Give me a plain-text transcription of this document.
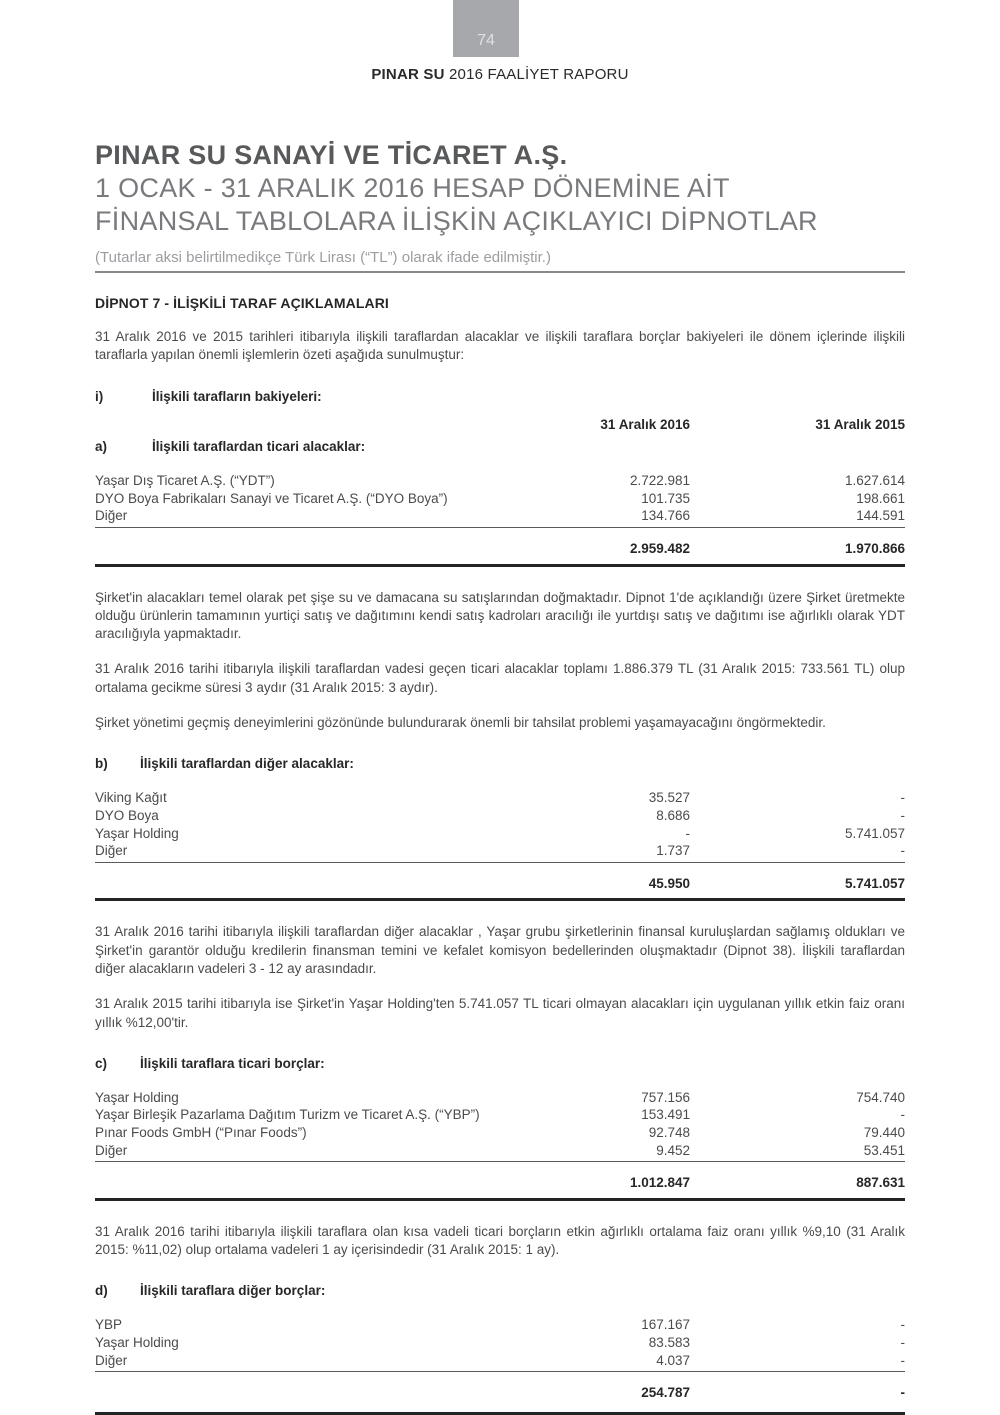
74
PINAR SU 2016 FAALİYET RAPORU
PINAR SU SANAYİ VE TİCARET A.Ş.
1 OCAK - 31 ARALIK 2016 HESAP DÖNEMİNE AİT
FİNANSAL TABLOLARA İLİŞKİN AÇIKLAYICI DİPNOTLAR
(Tutarlar aksi belirtilmedikçe Türk Lirası (“TL”) olarak ifade edilmiştir.)
DİPNOT 7 - İLİŞKİLİ TARAF AÇIKLAMALARI
31 Aralık 2016 ve 2015 tarihleri itibarıyla ilişkili taraflardan alacaklar ve ilişkili taraflara borçlar bakiyeleri ile dönem içlerinde ilişkili taraflarla yapılan önemli işlemlerin özeti aşağıda sunulmuştur:
i)	İlişkili tarafların bakiyeleri:
31 Aralık 2016	31 Aralık 2015
a)	İlişkili taraflardan ticari alacaklar:
Yaşar Dış Ticaret A.Ş. (“YDT”)	2.722.981	1.627.614
DYO Boya Fabrikaları Sanayi ve Ticaret A.Ş. (“DYO Boya”)	101.735	198.661
Diğer	134.766	144.591
2.959.482	1.970.866
Şirket'in alacakları temel olarak pet şişe su ve damacana su satışlarından doğmaktadır. Dipnot 1'de açıklandığı üzere Şirket üretmekte olduğu ürünlerin tamamının yurtiçi satış ve dağıtımını kendi satış kadroları aracılığı ile yurtdışı satış ve dağıtımı ise ağırlıklı olarak YDT aracılığıyla yapmaktadır.
31 Aralık 2016 tarihi itibarıyla ilişkili taraflardan vadesi geçen ticari alacaklar toplamı 1.886.379 TL (31 Aralık 2015: 733.561 TL) olup ortalama gecikme süresi 3 aydır (31 Aralık 2015: 3 aydır).
Şirket yönetimi geçmiş deneyimlerini gözönünde bulundurarak önemli bir tahsilat problemi yaşamayacağını öngörmektedir.
b)	İlişkili taraflardan diğer alacaklar:
Viking Kağıt	35.527	-
DYO Boya	8.686	-
Yaşar Holding	-	5.741.057
Diğer	1.737	-
45.950	5.741.057
31 Aralık 2016 tarihi itibarıyla ilişkili taraflardan diğer alacaklar , Yaşar grubu şirketlerinin finansal kuruluşlardan sağlamış oldukları ve Şirket'in garantör olduğu kredilerin finansman temini ve kefalet komisyon bedellerinden oluşmaktadır (Dipnot 38). İlişkili taraflardan diğer alacakların vadeleri 3 - 12 ay arasındadır.
31 Aralık 2015 tarihi itibarıyla ise Şirket'in Yaşar Holding'ten 5.741.057 TL ticari olmayan alacakları için uygulanan yıllık etkin faiz oranı yıllık %12,00'tir.
c)	İlişkili taraflara ticari borçlar:
Yaşar Holding	757.156	754.740
Yaşar Birleşik Pazarlama Dağıtım Turizm ve Ticaret A.Ş. (“YBP”)	153.491	-
Pınar Foods GmbH (“Pınar Foods”)	92.748	79.440
Diğer	9.452	53.451
1.012.847	887.631
31 Aralık 2016 tarihi itibarıyla ilişkili taraflara olan kısa vadeli ticari borçların etkin ağırlıklı ortalama faiz oranı yıllık %9,10 (31 Aralık 2015: %11,02) olup ortalama vadeleri 1 ay içerisindedir (31 Aralık 2015: 1 ay).
d)	İlişkili taraflara diğer borçlar:
YBP	167.167	-
Yaşar Holding	83.583	-
Diğer	4.037	-
254.787	-
